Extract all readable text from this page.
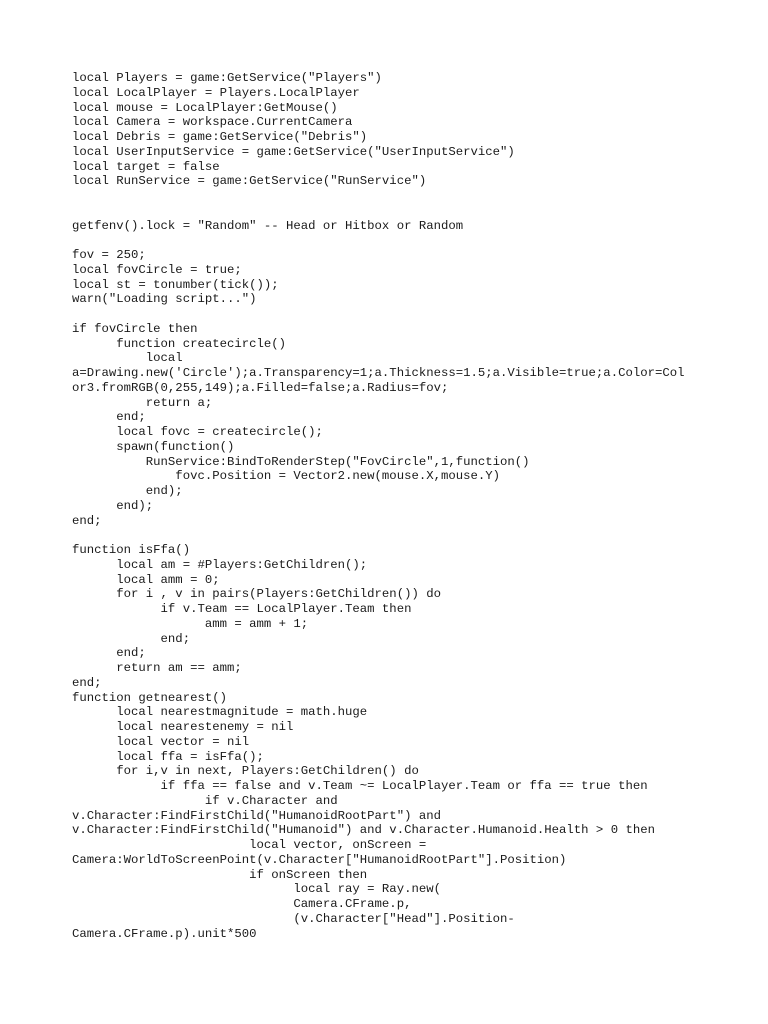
local Players = game:GetService("Players")
local LocalPlayer = Players.LocalPlayer
local mouse = LocalPlayer:GetMouse()
local Camera = workspace.CurrentCamera
local Debris = game:GetService("Debris")
local UserInputService = game:GetService("UserInputService")
local target = false
local RunService = game:GetService("RunService")

getfenv().lock = "Random" -- Head or Hitbox or Random

fov = 250;
local fovCircle = true;
local st = tonumber(tick());
warn("Loading script...")

if fovCircle then
function createcircle()
local
a=Drawing.new('Circle');a.Transparency=1;a.Thickness=1.5;a.Visible=true;a.Color=Col
or3.fromRGB(0,255,149);a.Filled=false;a.Radius=fov;
return a;
end;
local fovc = createcircle();
spawn(function()
RunService:BindToRenderStep("FovCircle",1,function()
fovc.Position = Vector2.new(mouse.X,mouse.Y)
end);
end);
end;

function isFfa()
local am = #Players:GetChildren();
local amm = 0;
for i , v in pairs(Players:GetChildren()) do
if v.Team == LocalPlayer.Team then
amm = amm + 1;
end;
end;
return am == amm;
end;
function getnearest()
local nearestmagnitude = math.huge
local nearestenemy = nil
local vector = nil
local ffa = isFfa();
for i,v in next, Players:GetChildren() do
if ffa == false and v.Team ~= LocalPlayer.Team or ffa == true then
if v.Character and
v.Character:FindFirstChild("HumanoidRootPart") and
v.Character:FindFirstChild("Humanoid") and v.Character.Humanoid.Health > 0 then
local vector, onScreen =
Camera:WorldToScreenPoint(v.Character["HumanoidRootPart"].Position)
if onScreen then
local ray = Ray.new(
Camera.CFrame.p,
(v.Character["Head"].Position-
Camera.CFrame.p).unit*500
